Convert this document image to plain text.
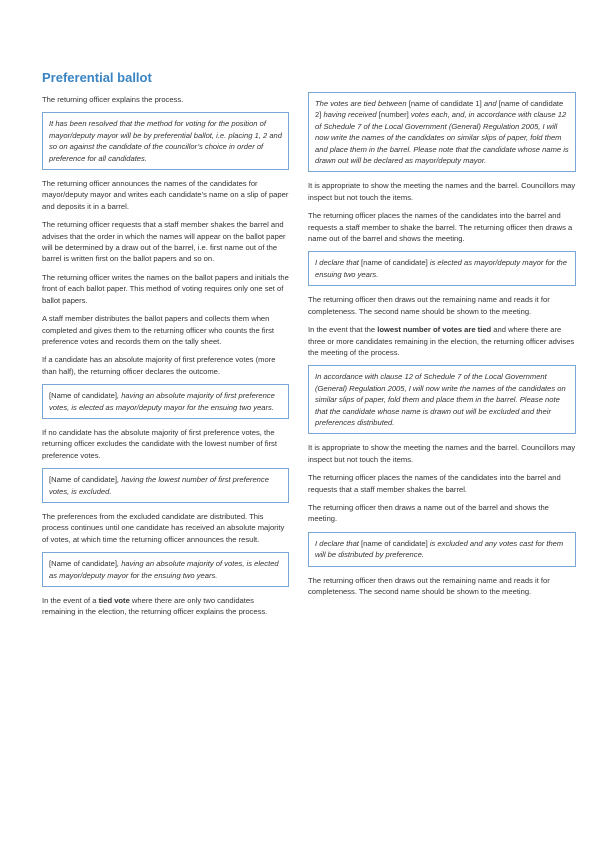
Preferential ballot

The returning officer explains the process.

It has been resolved that the method for voting for the position of mayor/deputy mayor will be by preferential ballot, i.e. placing 1, 2 and so on against the candidate of the councillor’s choice in order of preference for all candidates.

The returning officer announces the names of the candidates for mayor/deputy mayor and writes each candidate’s name on a slip of paper and deposits it in a barrel.

The returning officer requests that a staff member shakes the barrel and advises that the order in which the names will appear on the ballot paper will be determined by a draw out of the barrel, i.e. first name out of the barrel is written first on the ballot papers and so on.

The returning officer writes the names on the ballot papers and initials the front of each ballot paper. This method of voting requires only one set of ballot papers.

A staff member distributes the ballot papers and collects them when completed and gives them to the returning officer who counts the first preference votes and records them on the tally sheet.

If a candidate has an absolute majority of first preference votes (more than half), the returning officer declares the outcome.

[Name of candidate], having an absolute majority of first preference votes, is elected as mayor/deputy mayor for the ensuing two years.

If no candidate has the absolute majority of first preference votes, the returning officer excludes the candidate with the lowest number of first preference votes.

[Name of candidate], having the lowest number of first preference votes, is excluded.

The preferences from the excluded candidate are distributed. This process continues until one candidate has received an absolute majority of votes, at which time the returning officer announces the result.

[Name of candidate], having an absolute majority of votes, is elected as mayor/deputy mayor for the ensuing two years.

In the event of a tied vote where there are only two candidates remaining in the election, the returning officer explains the process.

The votes are tied between [name of candidate 1] and [name of candidate 2] having received [number] votes each, and, in accordance with clause 12 of Schedule 7 of the Local Government (General) Regulation 2005, I will now write the names of the candidates on similar slips of paper, fold them and place them in the barrel. Please note that the candidate whose name is drawn out will be declared as mayor/deputy mayor.

It is appropriate to show the meeting the names and the barrel. Councillors may inspect but not touch the items.

The returning officer places the names of the candidates into the barrel and requests a staff member to shake the barrel. The returning officer then draws a name out of the barrel and shows the meeting.

I declare that [name of candidate] is elected as mayor/deputy mayor for the ensuing two years.

The returning officer then draws out the remaining name and reads it for completeness. The second name should be shown to the meeting.

In the event that the lowest number of votes are tied and where there are three or more candidates remaining in the election, the returning officer advises the meeting of the process.

In accordance with clause 12 of Schedule 7 of the Local Government (General) Regulation 2005, I will now write the names of the candidates on similar slips of paper, fold them and place them in the barrel. Please note that the candidate whose name is drawn out will be excluded and their preferences distributed.

It is appropriate to show the meeting the names and the barrel. Councillors may inspect but not touch the items.

The returning officer places the names of the candidates into the barrel and requests that a staff member shakes the barrel.

The returning officer then draws a name out of the barrel and shows the meeting.

I declare that [name of candidate] is excluded and any votes cast for them will be distributed by preference.

The returning officer then draws out the remaining name and reads it for completeness. The second name should be shown to the meeting.
